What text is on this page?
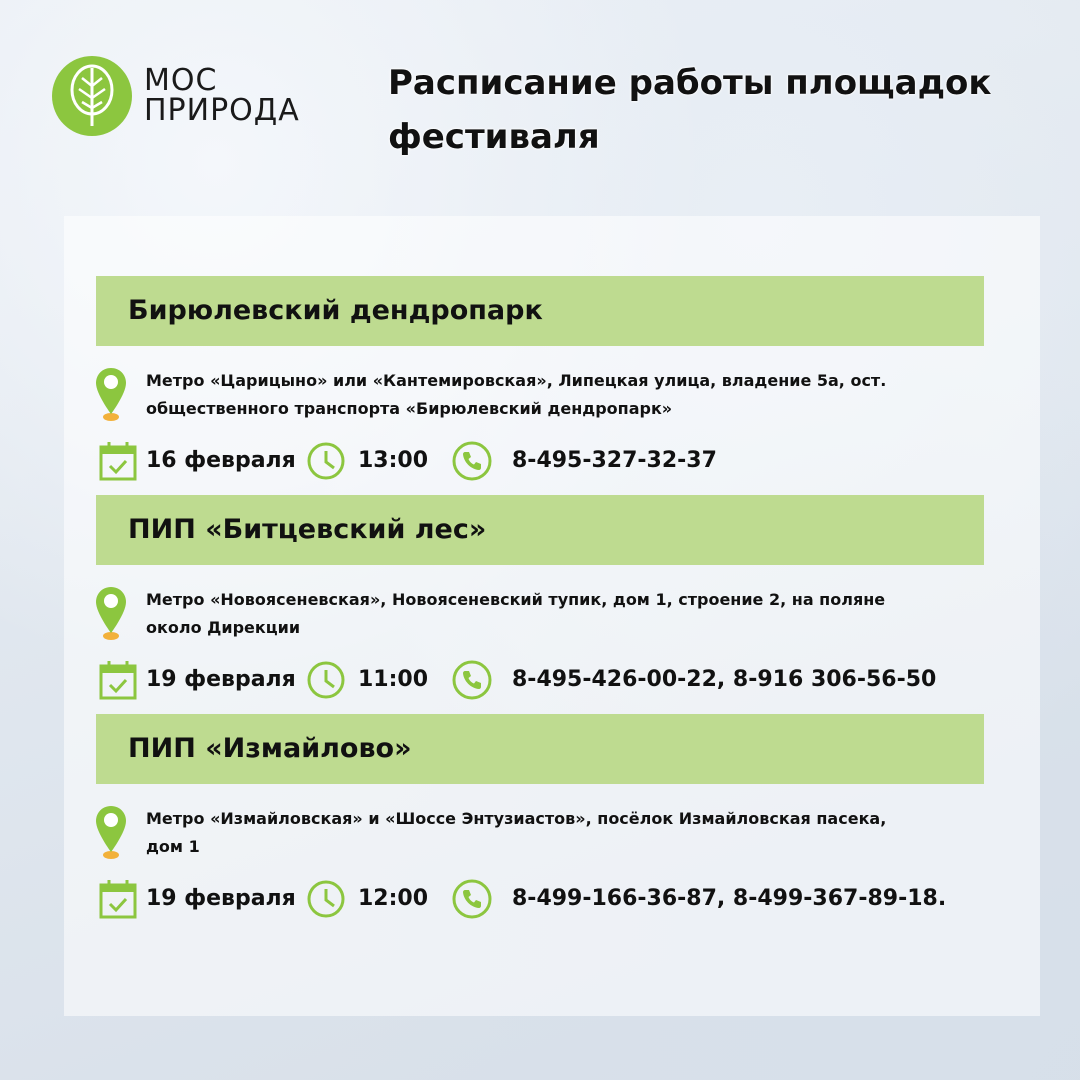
МОС
ПРИРОДА
Расписание работы площадок
фестиваля
Бирюлевский дендропарк
Метро «Царицыно» или «Кантемировская», Липецкая улица, владение 5а, ост.
общественного транспорта «Бирюлевский дендропарк»
16 февраля	13:00	8-495-327-32-37
ПИП «Битцевский лес»
Метро «Новоясеневская», Новоясеневский тупик, дом 1, строение 2, на поляне
около Дирекции
19 февраля	11:00	8-495-426-00-22, 8-916 306-56-50
ПИП «Измайлово»
Метро «Измайловская» и «Шоссе Энтузиастов», посёлок Измайловская пасека,
дом 1
19 февраля	12:00	8-499-166-36-87, 8-499-367-89-18.
